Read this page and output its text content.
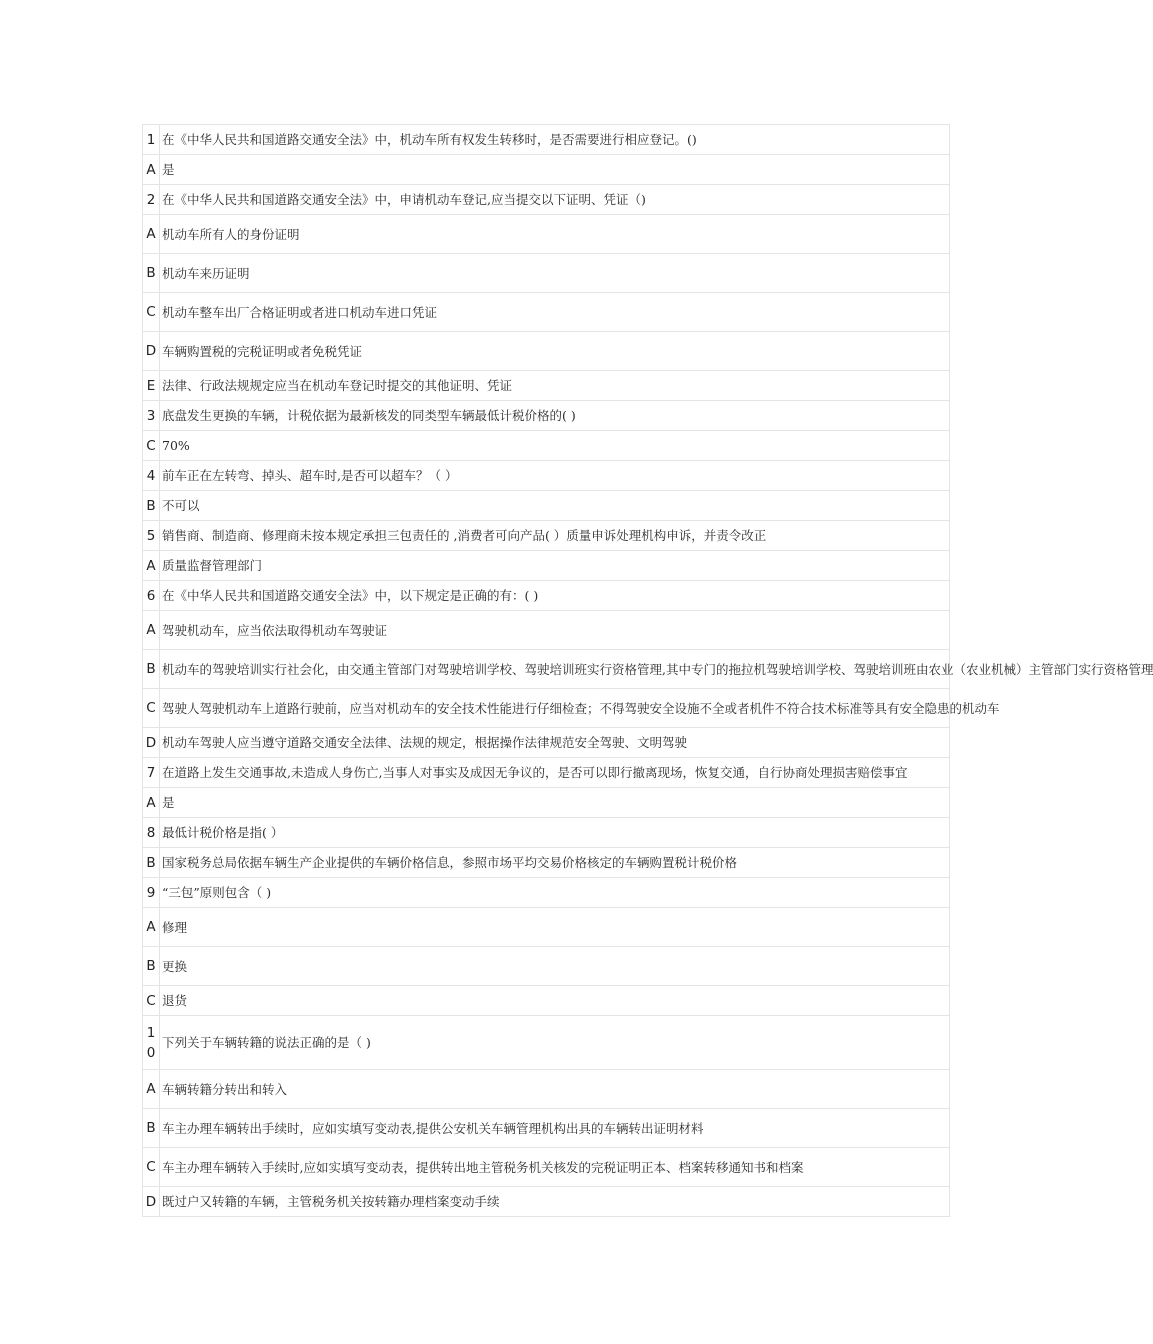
1	在《中华人民共和国道路交通安全法》中，机动车所有权发生转移时，是否需要进行相应登记。()
A	是
2	在《中华人民共和国道路交通安全法》中，申请机动车登记,应当提交以下证明、凭证（)
A	机动车所有人的身份证明
B	机动车来历证明
C	机动车整车出厂合格证明或者进口机动车进口凭证
D	车辆购置税的完税证明或者免税凭证
E	法律、行政法规规定应当在机动车登记时提交的其他证明、凭证
3	底盘发生更换的车辆，计税依据为最新核发的同类型车辆最低计税价格的( )
C	70%
4	前车正在左转弯、掉头、超车时,是否可以超车？（ ）
B	不可以
5	销售商、制造商、修理商未按本规定承担三包责任的 ,消费者可向产品( ）质量申诉处理机构申诉，并责令改正
A	质量监督管理部门
6	在《中华人民共和国道路交通安全法》中，以下规定是正确的有：( )
A	驾驶机动车，应当依法取得机动车驾驶证
B	机动车的驾驶培训实行社会化，由交通主管部门对驾驶培训学校、驾驶培训班实行资格管理,其中专门的拖拉机驾驶培训学校、驾驶培训班由农业（农业机械）主管部门实行资格管理
C	驾驶人驾驶机动车上道路行驶前，应当对机动车的安全技术性能进行仔细检查；不得驾驶安全设施不全或者机件不符合技术标准等具有安全隐患的机动车
D	机动车驾驶人应当遵守道路交通安全法律、法规的规定，根据操作法律规范安全驾驶、文明驾驶
7	在道路上发生交通事故,未造成人身伤亡,当事人对事实及成因无争议的，是否可以即行撤离现场，恢复交通，自行协商处理损害赔偿事宜
A	是
8	最低计税价格是指( ）
B	国家税务总局依据车辆生产企业提供的车辆价格信息，参照市场平均交易价格核定的车辆购置税计税价格
9	“三包”原则包含（ )
A	修理
B	更换
C	退货
10	下列关于车辆转籍的说法正确的是（ )
A	车辆转籍分转出和转入
B	车主办理车辆转出手续时，应如实填写变动表,提供公安机关车辆管理机构出具的车辆转出证明材料
C	车主办理车辆转入手续时,应如实填写变动表，提供转出地主管税务机关核发的完税证明正本、档案转移通知书和档案
D	既过户又转籍的车辆，主管税务机关按转籍办理档案变动手续
